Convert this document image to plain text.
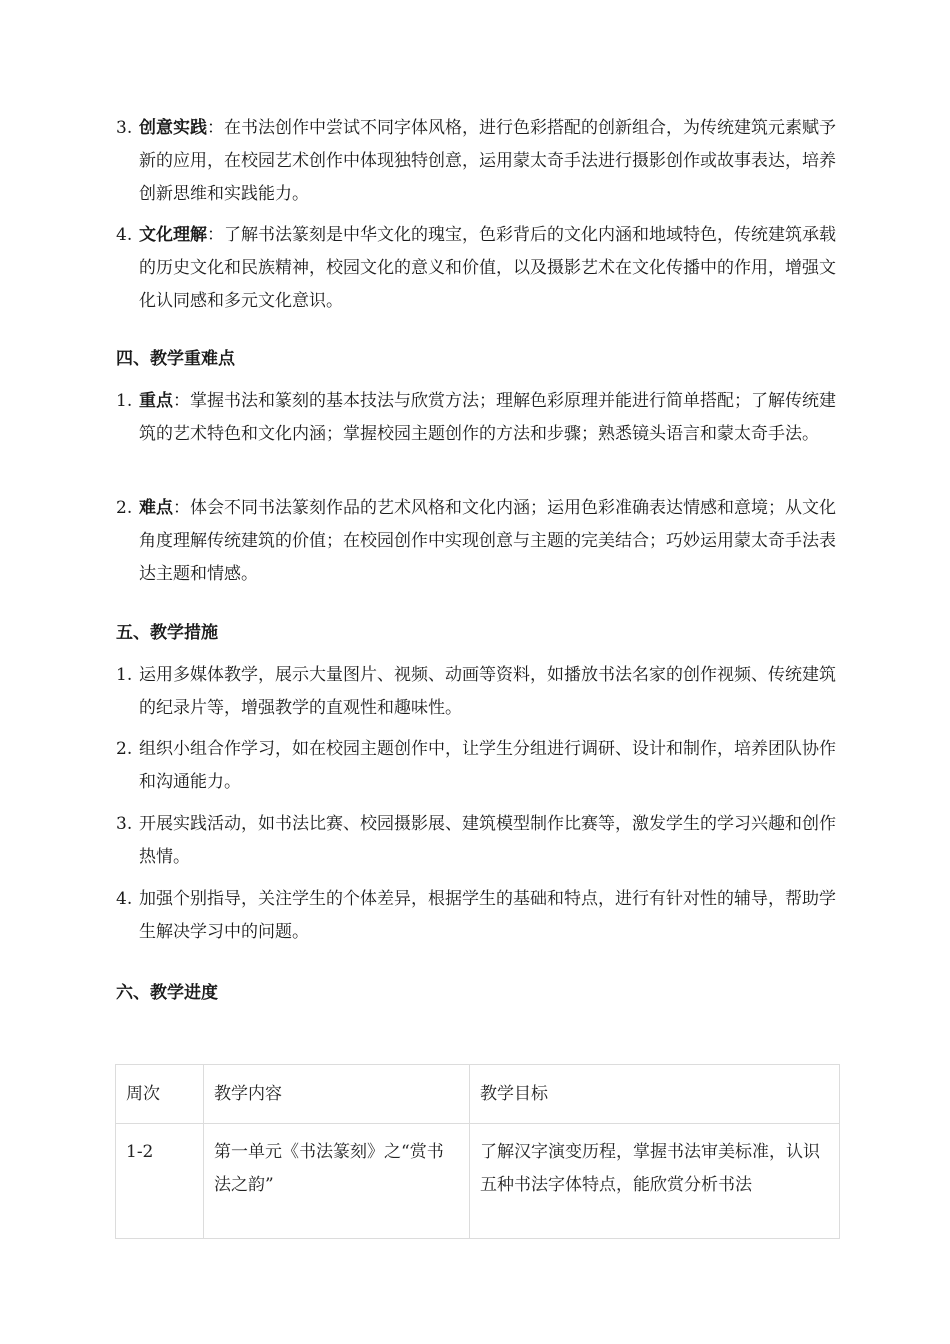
3. 创意实践：在书法创作中尝试不同字体风格，进行色彩搭配的创新组合，为传统建筑元素赋予新的应用，在校园艺术创作中体现独特创意，运用蒙太奇手法进行摄影创作或故事表达，培养创新思维和实践能力。
4. 文化理解：了解书法篆刻是中华文化的瑰宝，色彩背后的文化内涵和地域特色，传统建筑承载的历史文化和民族精神，校园文化的意义和价值，以及摄影艺术在文化传播中的作用，增强文化认同感和多元文化意识。
四、教学重难点
1. 重点：掌握书法和篆刻的基本技法与欣赏方法；理解色彩原理并能进行简单搭配；了解传统建筑的艺术特色和文化内涵；掌握校园主题创作的方法和步骤；熟悉镜头语言和蒙太奇手法。
2. 难点：体会不同书法篆刻作品的艺术风格和文化内涵；运用色彩准确表达情感和意境；从文化角度理解传统建筑的价值；在校园创作中实现创意与主题的完美结合；巧妙运用蒙太奇手法表达主题和情感。
五、教学措施
1. 运用多媒体教学，展示大量图片、视频、动画等资料，如播放书法名家的创作视频、传统建筑的纪录片等，增强教学的直观性和趣味性。
2. 组织小组合作学习，如在校园主题创作中，让学生分组进行调研、设计和制作，培养团队协作和沟通能力。
3. 开展实践活动，如书法比赛、校园摄影展、建筑模型制作比赛等，激发学生的学习兴趣和创作热情。
4. 加强个别指导，关注学生的个体差异，根据学生的基础和特点，进行有针对性的辅导，帮助学生解决学习中的问题。
六、教学进度
周次	教学内容	教学目标
1-2	第一单元《书法篆刻》之“赏书法之韵”	了解汉字演变历程，掌握书法审美标准，认识五种书法字体特点，能欣赏分析书法
